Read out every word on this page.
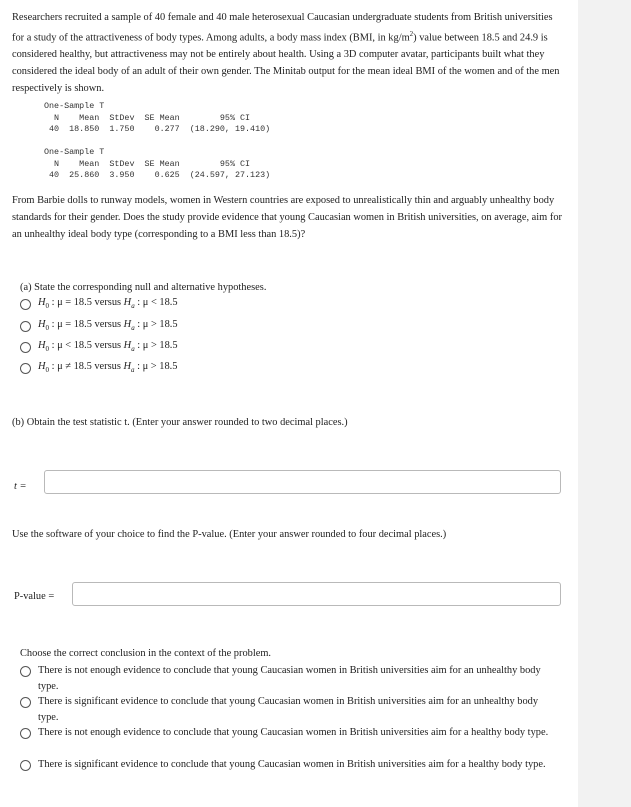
Researchers recruited a sample of 40 female and 40 male heterosexual Caucasian undergraduate students from British universities for a study of the attractiveness of body types. Among adults, a body mass index (BMI, in $kg/m^2$) value between 18.5 and 24.9 is considered healthy, but attractiveness may not be entirely about health. Using a 3D computer avatar, participants built what they considered the ideal body of an adult of their own gender. The Minitab output for the mean ideal BMI of the women and of the men respectively is shown.
One-Sample T
N    Mean  StDev  SE Mean        95% CI
40  18.850  1.750    0.277  (18.290, 19.410)
One-Sample T
N    Mean  StDev  SE Mean        95% CI
40  25.860  3.950    0.625  (24.597, 27.123)
From Barbie dolls to runway models, women in Western countries are exposed to unrealistically thin and arguably unhealthy body standards for their gender. Does the study provide evidence that young Caucasian women in British universities, on average, aim for an unhealthy ideal body type (corresponding to a BMI less than 18.5)?
(a) State the corresponding null and alternative hypotheses.
$H_0$ : μ = 18.5 versus $H_a$ : μ < 18.5
$H_0$ : μ = 18.5 versus $H_a$ : μ > 18.5
$H_0$ : μ < 18.5 versus $H_a$ : μ > 18.5
$H_0$ : μ ≠ 18.5 versus $H_a$ : μ > 18.5
(b) Obtain the test statistic t. (Enter your answer rounded to two decimal places.)
t =
Use the software of your choice to find the P-value. (Enter your answer rounded to four decimal places.)
P-value =
Choose the correct conclusion in the context of the problem.
There is not enough evidence to conclude that young Caucasian women in British universities aim for an unhealthy body type.
There is significant evidence to conclude that young Caucasian women in British universities aim for an unhealthy body type.
There is not enough evidence to conclude that young Caucasian women in British universities aim for a healthy body type.
There is significant evidence to conclude that young Caucasian women in British universities aim for a healthy body type.
